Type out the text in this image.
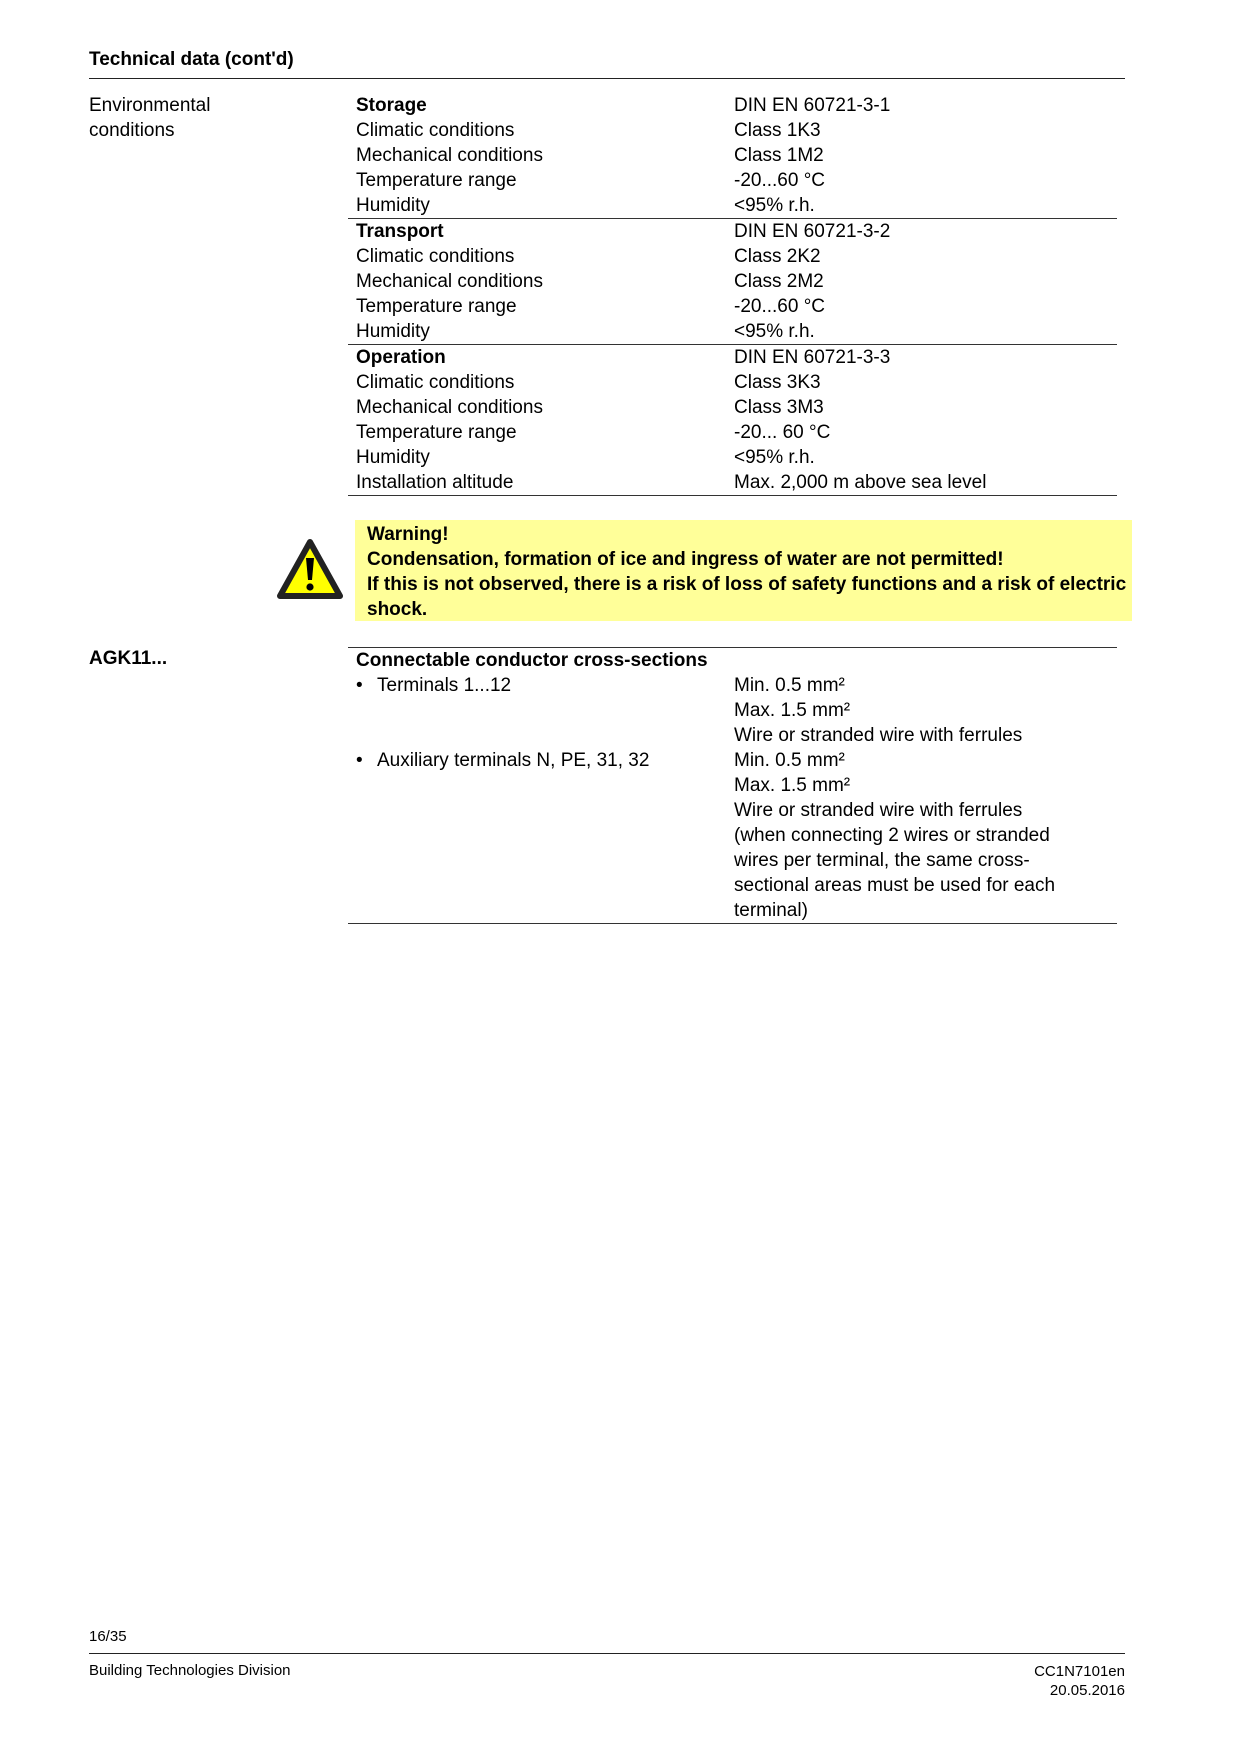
Technical data (cont'd)
Environmental
conditions
Storage	DIN EN 60721-3-1
Climatic conditions	Class 1K3
Mechanical conditions	Class 1M2
Temperature range	-20...60 °C
Humidity	<95% r.h.
Transport	DIN EN 60721-3-2
Climatic conditions	Class 2K2
Mechanical conditions	Class 2M2
Temperature range	-20...60 °C
Humidity	<95% r.h.
Operation	DIN EN 60721-3-3
Climatic conditions	Class 3K3
Mechanical conditions	Class 3M3
Temperature range	-20... 60 °C
Humidity	<95% r.h.
Installation altitude	Max. 2,000 m above sea level
Warning!
Condensation, formation of ice and ingress of water are not permitted!
If this is not observed, there is a risk of loss of safety functions and a risk of electric shock.
AGK11...	Connectable conductor cross-sections
• Terminals 1...12	Min. 0.5 mm²
Max. 1.5 mm²
Wire or stranded wire with ferrules
• Auxiliary terminals N, PE, 31, 32	Min. 0.5 mm²
Max. 1.5 mm²
Wire or stranded wire with ferrules
(when connecting 2 wires or stranded
wires per terminal, the same cross-
sectional areas must be used for each
terminal)
16/35
Building Technologies Division	CC1N7101en
20.05.2016
